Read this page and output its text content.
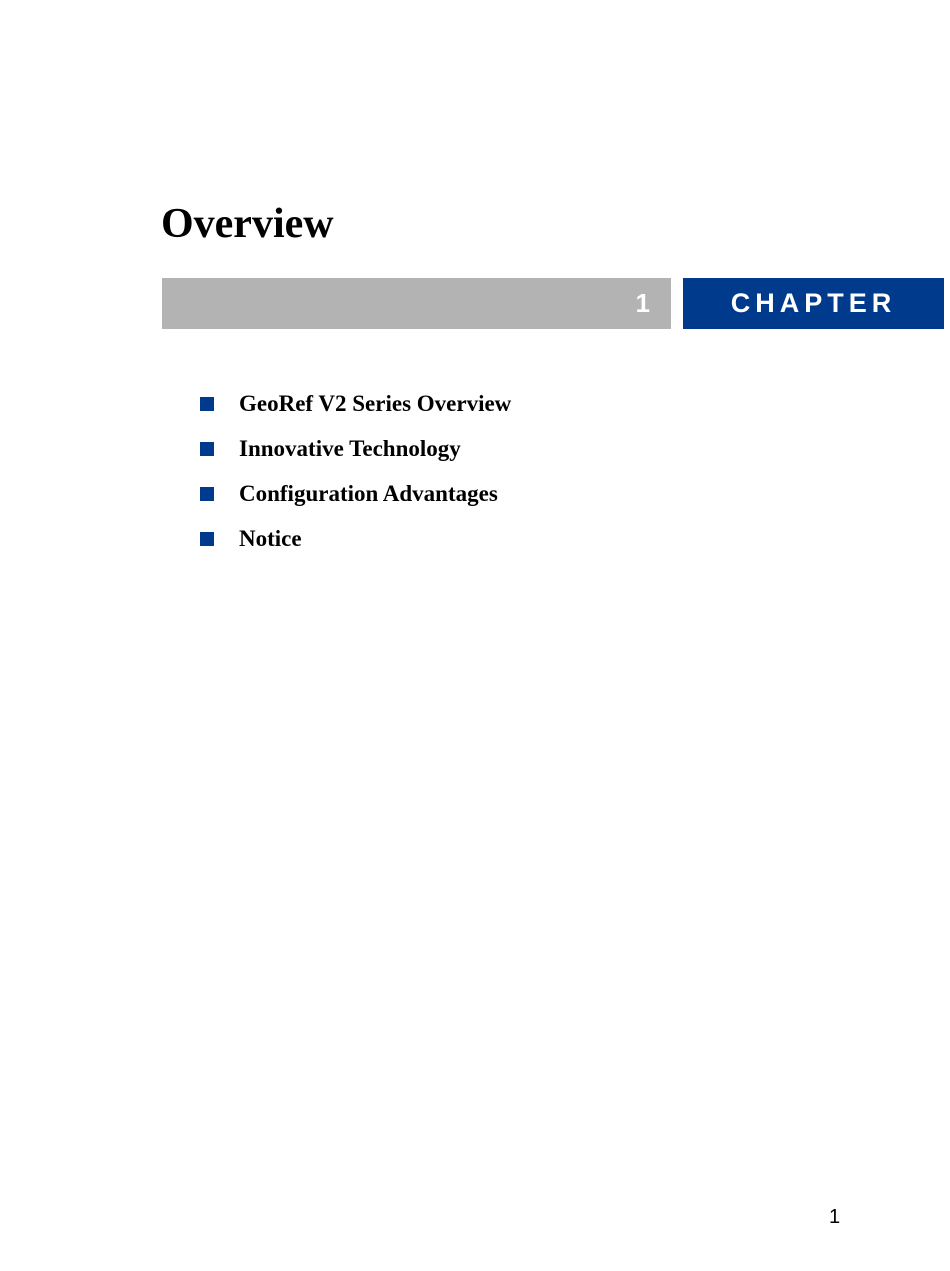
Overview
1	CHAPTER
GeoRef V2 Series Overview
Innovative Technology
Configuration Advantages
Notice
1
